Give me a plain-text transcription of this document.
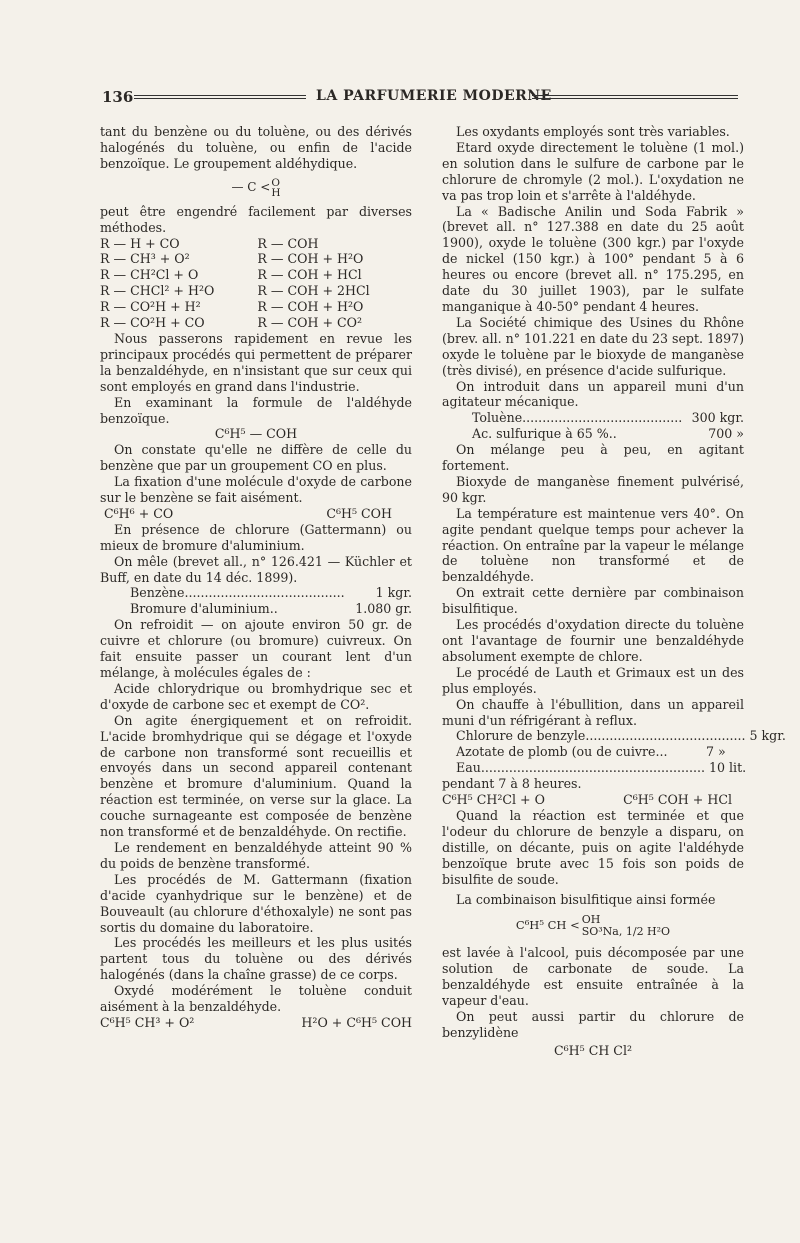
136	LA PARFUMERIE MODERNE

tant du benzène ou du toluène, ou des dérivés halogénés du toluène, ou enfin de l'acide benzoïque. Le groupement aldéhydique.

— C < O
H

peut être engendré facilement par diverses méthodes.

R — H + CO	R — COH
R — CH³ + O²	R — COH + H²O
R — CH²Cl + O	R — COH + HCl
R — CHCl² + H²O	R — COH + 2HCl
R — CO²H + H²	R — COH + H²O
R — CO²H + CO	R — COH + CO²

Nous passerons rapidement en revue les principaux procédés qui permettent de préparer la benzaldéhyde, en n'insistant que sur ceux qui sont employés en grand dans l'industrie.

En examinant la formule de l'aldéhyde benzoïque.

C⁶H⁵ — COH

On constate qu'elle ne diffère de celle du benzène que par un groupement CO en plus.

La fixation d'une molécule d'oxyde de carbone sur le benzène se fait aisément.

C⁶H⁶ + CO	C⁶H⁵ COH

En présence de chlorure (Gattermann) ou mieux de bromure d'aluminium.

On mêle (brevet all., n° 126.421 — Küchler et Buff, en date du 14 déc. 1899).

Benzène ........................................	1 kgr.
Bromure d'aluminium..	1.080 gr.

On refroidit — on ajoute environ 50 gr. de cuivre et chlorure (ou bromure) cuivreux. On fait ensuite passer un courant lent d'un mélange, à molécules égales de :

Acide chlorydrique ou bromhydrique sec et d'oxyde de carbone sec et exempt de CO².

On agite énergiquement et on refroidit. L'acide bromhydrique qui se dégage et l'oxyde de carbone non transformé sont recueillis et envoyés dans un second appareil contenant benzène et bromure d'aluminium. Quand la réaction est terminée, on verse sur la glace. La couche surnageante est composée de benzène non transformé et de benzaldéhyde. On rectifie.

Le rendement en benzaldéhyde atteint 90 % du poids de benzène transformé.

Les procédés de M. Gattermann (fixation d'acide cyanhydrique sur le benzène) et de Bouveault (au chlorure d'éthoxalyle) ne sont pas sortis du domaine du laboratoire.

Les procédés les meilleurs et les plus usités partent tous du toluène ou des dérivés halogénés (dans la chaîne grasse) de ce corps.

Oxydé modérément le toluène conduit aisément à la benzaldéhyde.

C⁶H⁵ CH³ + O²	H²O + C⁶H⁵ COH

Les oxydants employés sont très variables.

Etard oxyde directement le toluène (1 mol.) en solution dans le sulfure de carbone par le chlorure de chromyle (2 mol.). L'oxydation ne va pas trop loin et s'arrête à l'aldéhyde.

La « Badische Anilin und Soda Fabrik » (brevet all. n° 127.388 en date du 25 août 1900), oxyde le toluène (300 kgr.) par l'oxyde de nickel (150 kgr.) à 100° pendant 5 à 6 heures ou encore (brevet all. n° 175.295, en date du 30 juillet 1903), par le sulfate manganique à 40-50° pendant 4 heures.

La Société chimique des Usines du Rhône (brev. all. n° 101.221 en date du 23 sept. 1897) oxyde le toluène par le bioxyde de manganèse (très divisé), en présence d'acide sulfurique.

On introduit dans un appareil muni d'un agitateur mécanique.

Toluène ........................................ 300 kgr.
Ac. sulfurique à 65 %..	700 »

On mélange peu à peu, en agitant fortement.

Bioxyde de manganèse finement pulvérisé, 90 kgr.

La température est maintenue vers 40°. On agite pendant quelque temps pour achever la réaction. On entraîne par la vapeur le mélange de toluène non transformé et de benzaldéhyde.

On extrait cette dernière par combinaison bisulfitique.

Les procédés d'oxydation directe du toluène ont l'avantage de fournir une benzaldéhyde absolument exempte de chlore.

Le procédé de Lauth et Grimaux est un des plus employés.

On chauffe à l'ébullition, dans un appareil muni d'un réfrigérant à reflux.

Chlorure de benzyle ........................................ 5 kgr.
Azotate de plomb (ou de cuivre...	7 »
Eau ........................................................ 10 lit.

pendant 7 à 8 heures.

C⁶H⁵ CH²Cl + O	C⁶H⁵ COH + HCl

Quand la réaction est terminée et que l'odeur du chlorure de benzyle a disparu, on distille, on décante, puis on agite l'aldéhyde benzoïque brute avec 15 fois son poids de bisulfite de soude.

La combinaison bisulfitique ainsi formée

C⁶H⁵ CH < OH
SO³Na, 1/2 H²O

est lavée à l'alcool, puis décomposée par une solution de carbonate de soude. La benzaldéhyde est ensuite entraînée à la vapeur d'eau.

On peut aussi partir du chlorure de benzylidène

C⁶H⁵ CH Cl²
